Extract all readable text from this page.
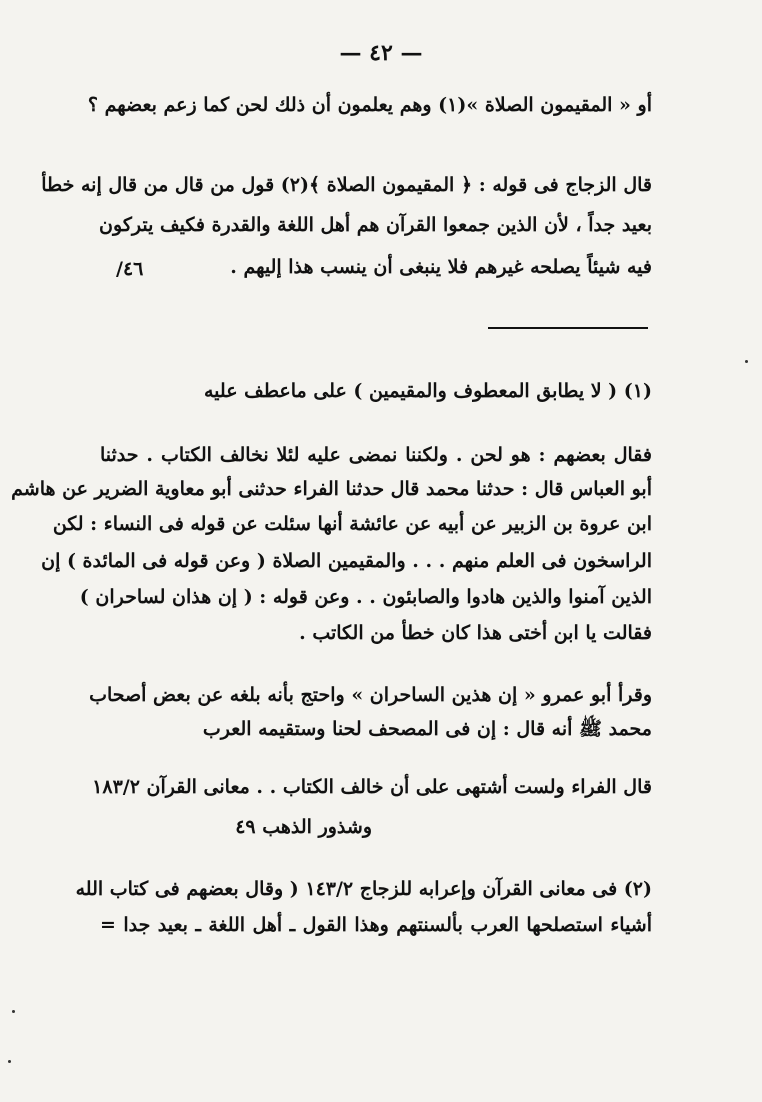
— ٤٢ —
أو « المقيمون الصلاة »(١) وهم يعلمون أن ذلك لحن كما زعم بعضهم ؟
قال الزجاج فى قوله : ﴿ المقيمون الصلاة ﴾(٢) قول من قال من قال إنه خطأ
بعيد جداً ، لأن الذين جمعوا القرآن هم أهل اللغة والقدرة فكيف يتركون
فيه شيئاً يصلحه غيرهم فلا ينبغى أن ينسب هذا إليهم .
٤٦/
(١) ( لا يطابق المعطوف والمقيمين ) على ماعطف عليه
فقال بعضهم : هو لحن . ولكننا نمضى عليه لئلا نخالف الكتاب . حدثنا
أبو العباس قال : حدثنا محمد قال حدثنا الفراء حدثنى أبو معاوية الضرير عن هاشم
ابن عروة بن الزبير عن أبيه عن عائشة أنها سئلت عن قوله فى النساء : لكن
الراسخون فى العلم منهم . . . والمقيمين الصلاة ( وعن قوله فى المائدة ) إن
الذين آمنوا والذين هادوا والصابئون . . وعن قوله : ( إن هذان لساحران )
فقالت يا ابن أختى هذا كان خطأ من الكاتب .
وقرأ أبو عمرو « إن هذين الساحران » واحتج بأنه بلغه عن بعض أصحاب
محمد ﷺ أنه قال : إن فى المصحف لحنا وستقيمه العرب
قال الفراء ولست أشتهى على أن خالف الكتاب . . معانى القرآن ١٨٣/٢
وشذور الذهب ٤٩
(٢) فى معانى القرآن وإعرابه للزجاج ١٤٣/٢ ( وقال بعضهم فى كتاب الله
أشياء استصلحها العرب بألسنتهم وهذا القول ـ أهل اللغة ـ بعيد جدا =
